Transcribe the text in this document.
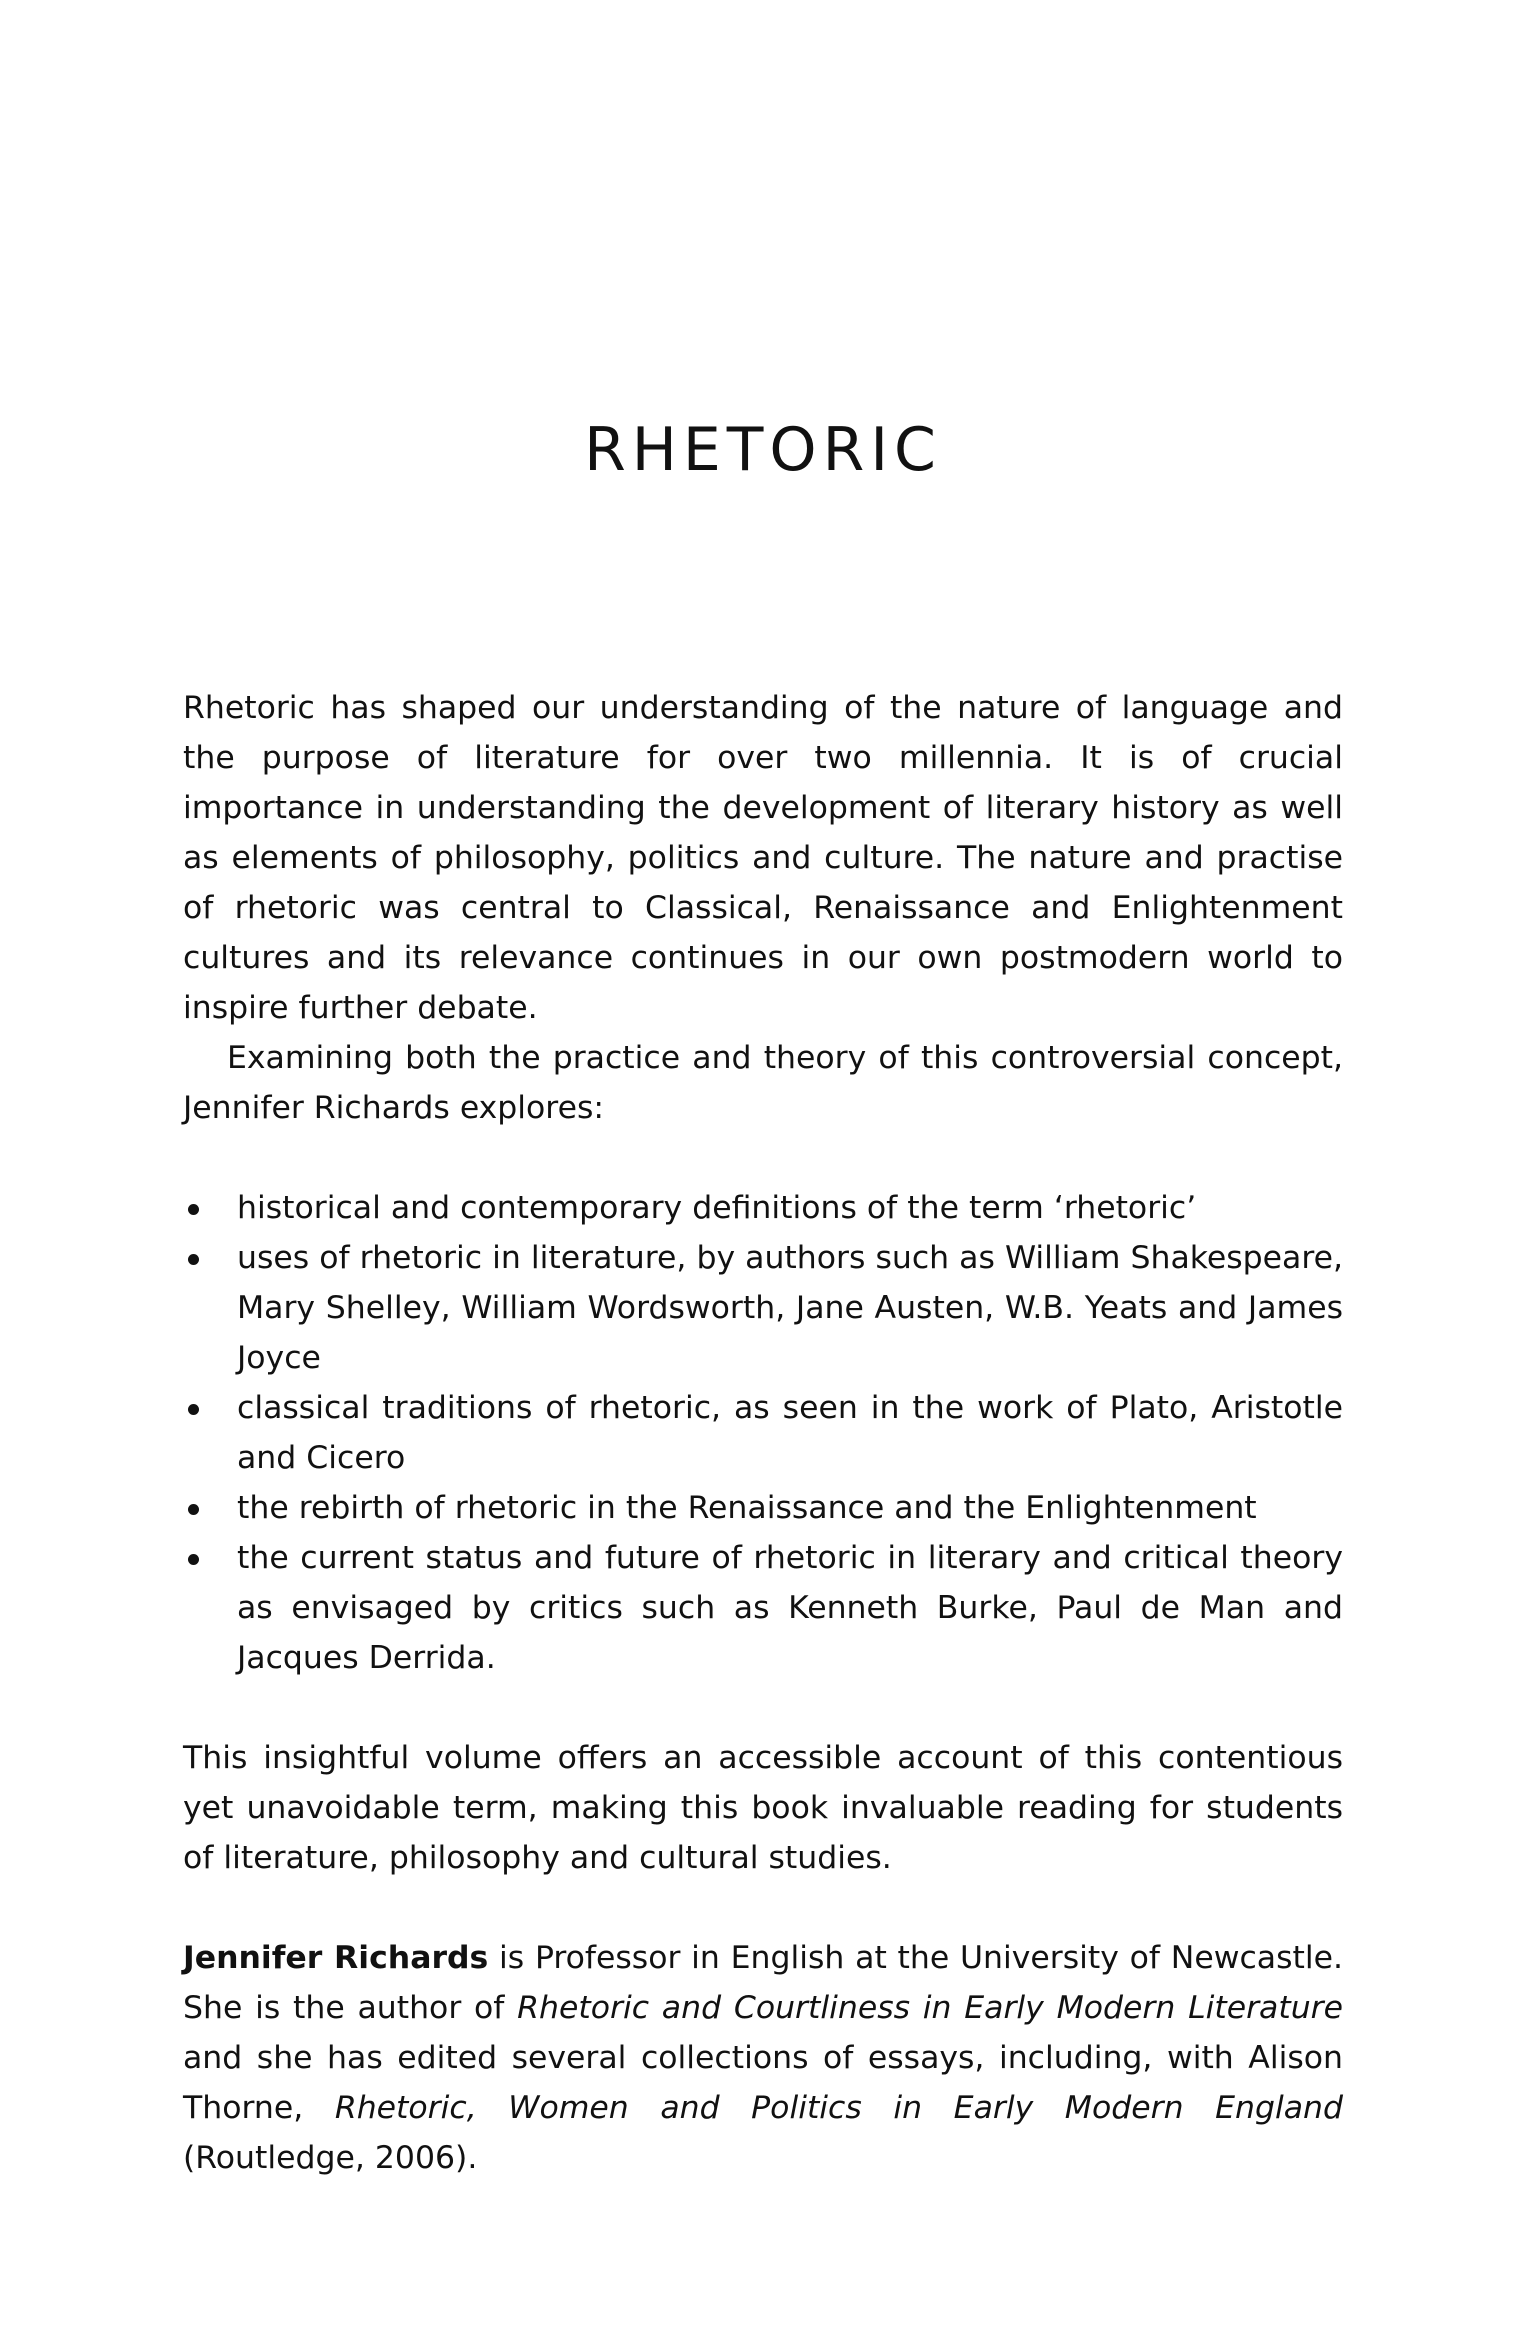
RHETORIC

Rhetoric has shaped our understanding of the nature of language and the purpose of literature for over two millennia. It is of crucial importance in understanding the development of literary history as well as elements of philosophy, politics and culture. The nature and practise of rhetoric was central to Classical, Renaissance and Enlightenment cultures and its relevance continues in our own postmodern world to inspire further debate.

Examining both the practice and theory of this controversial concept, Jennifer Richards explores:

historical and contemporary definitions of the term ‘rhetoric’
uses of rhetoric in literature, by authors such as William Shakespeare, Mary Shelley, William Wordsworth, Jane Austen, W.B. Yeats and James Joyce
classical traditions of rhetoric, as seen in the work of Plato, Aristotle and Cicero
the rebirth of rhetoric in the Renaissance and the Enlightenment
the current status and future of rhetoric in literary and critical theory as envisaged by critics such as Kenneth Burke, Paul de Man and Jacques Derrida.

This insightful volume offers an accessible account of this contentious yet unavoidable term, making this book invaluable reading for students of literature, philosophy and cultural studies.

Jennifer Richards is Professor in English at the University of Newcastle. She is the author of Rhetoric and Courtliness in Early Modern Literature and she has edited several collections of essays, including, with Alison Thorne, Rhetoric, Women and Politics in Early Modern England (Routledge, 2006).
